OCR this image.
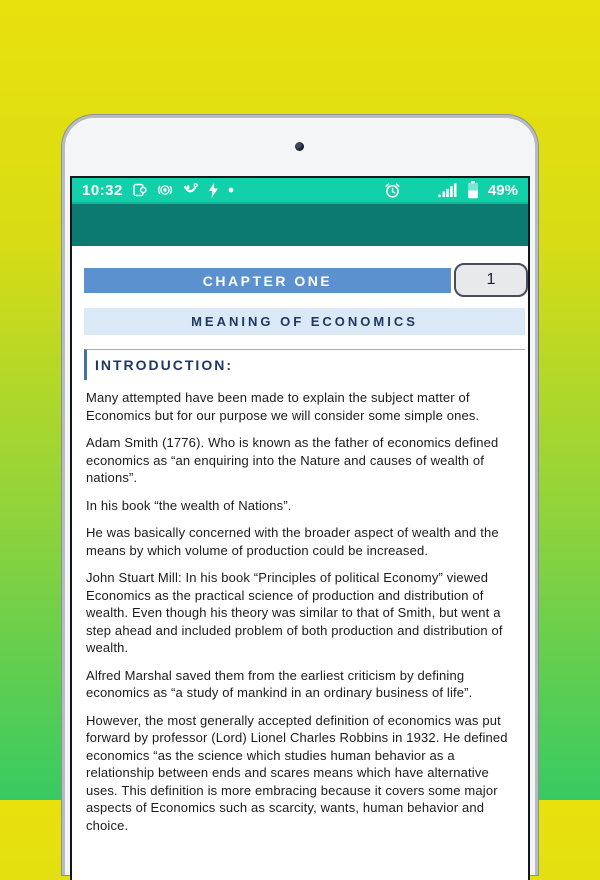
10:32	49%
CHAPTER ONE	1
MEANING OF ECONOMICS
INTRODUCTION:

Many attempted have been made to explain the subject matter of Economics but for our purpose we will consider some simple ones.

Adam Smith (1776). Who is known as the father of economics defined economics as “an enquiring into the Nature and causes of wealth of nations”.

In his book “the wealth of Nations”.

He was basically concerned with the broader aspect of wealth and the means by which volume of production could be increased.

John Stuart Mill: In his book “Principles of political Economy” viewed Economics as the practical science of production and distribution of wealth. Even though his theory was similar to that of Smith, but went a step ahead and included problem of both production and distribution of wealth.

Alfred Marshal saved them from the earliest criticism by defining economics as “a study of mankind in an ordinary business of life”.

However, the most generally accepted definition of economics was put forward by professor (Lord) Lionel Charles Robbins in 1932. He defined economics “as the science which studies human behavior as a relationship between ends and scares means which have alternative uses. This definition is more embracing because it covers some major aspects of Economics such as scarcity, wants, human behavior and choice.
